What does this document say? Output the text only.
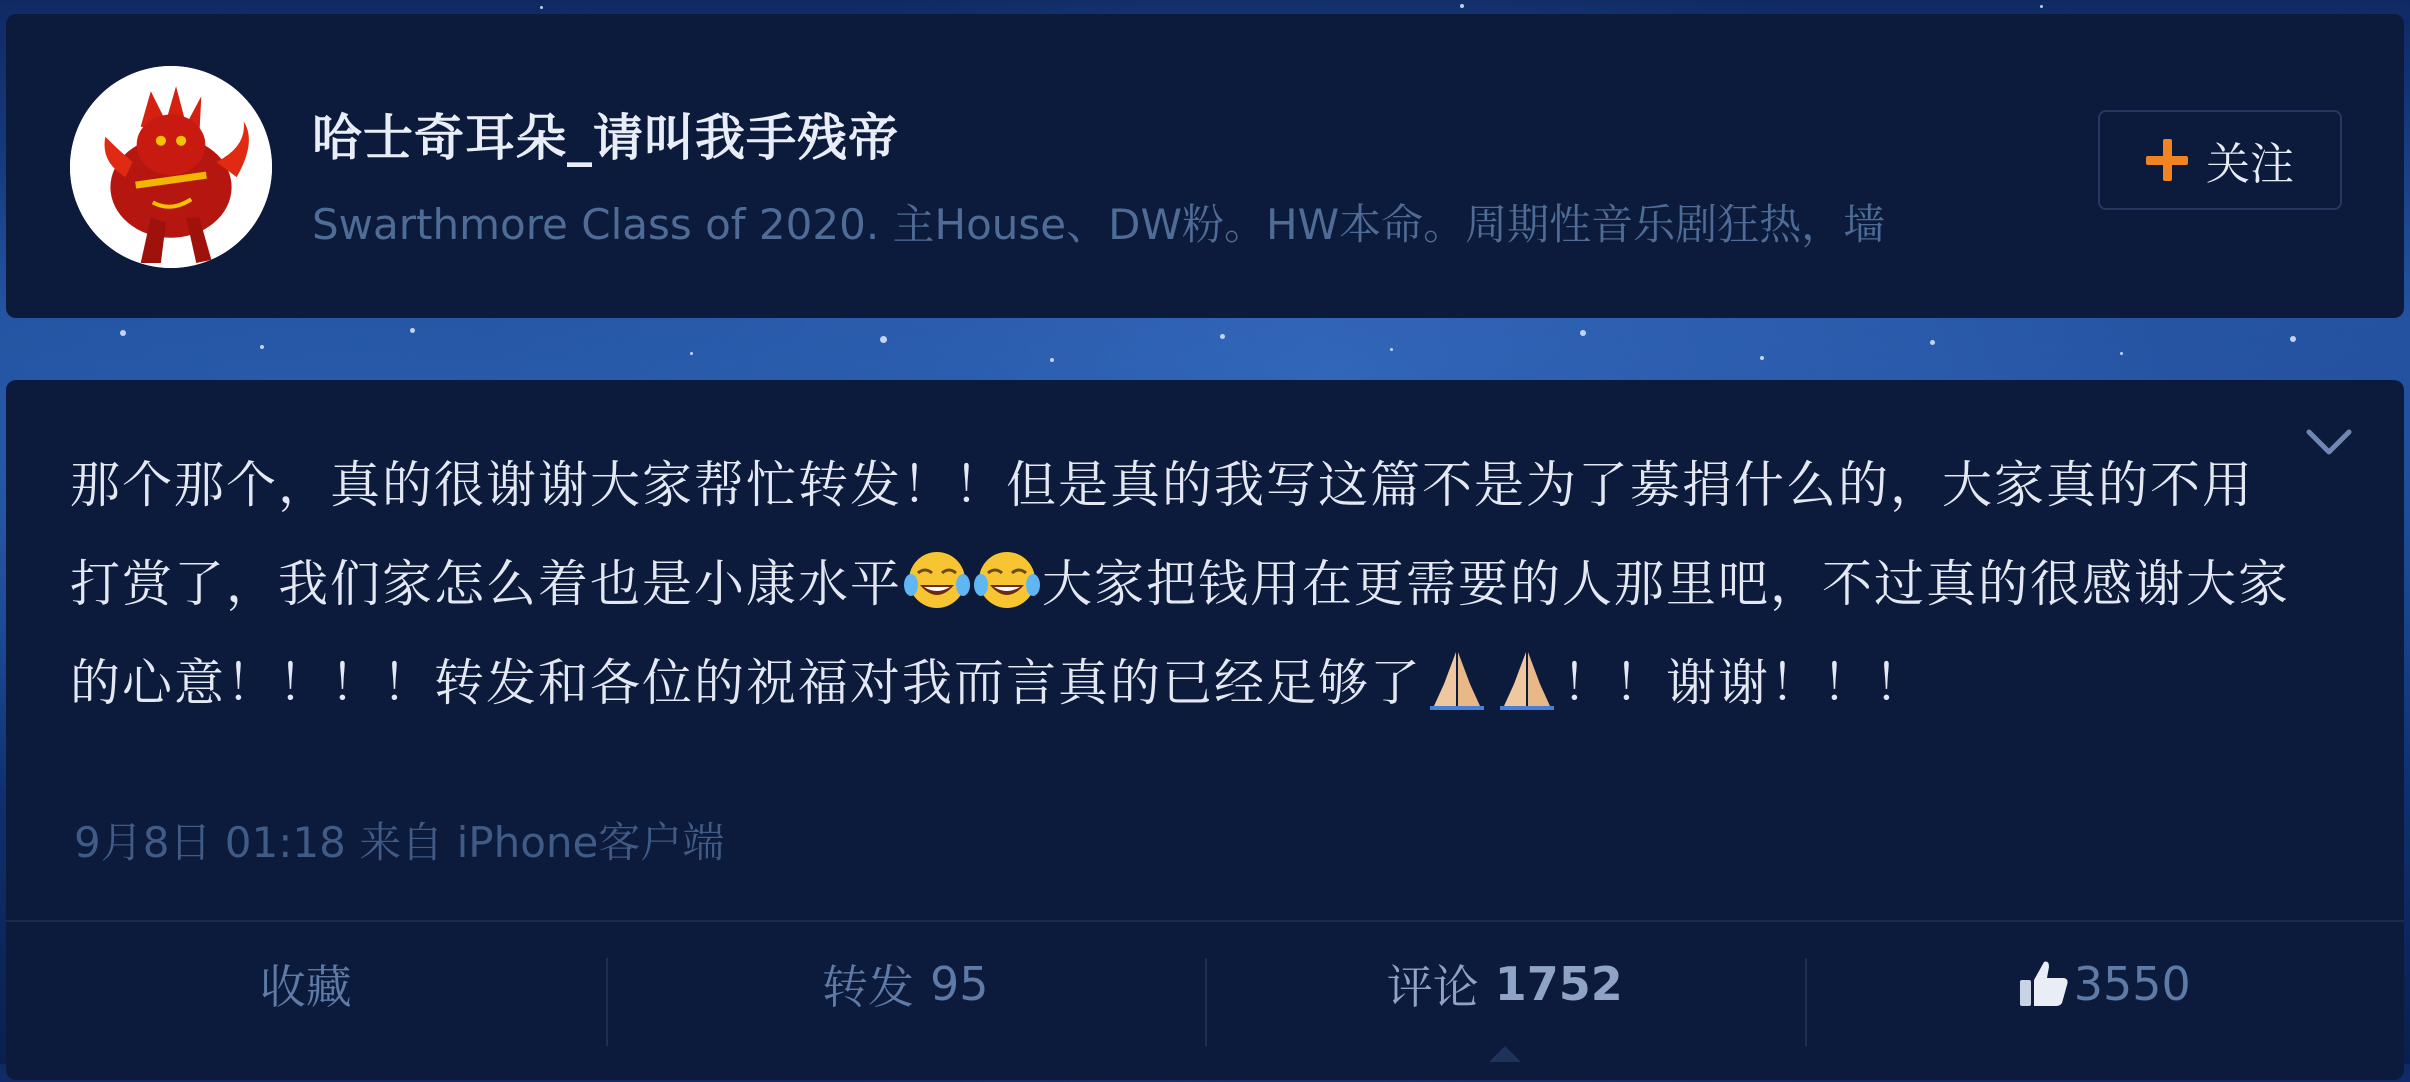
哈士奇耳朵_请叫我手残帝
Swarthmore Class of 2020. 主House、DW粉。HW本命。周期性音乐剧狂热，墙
关注
那个那个，真的很谢谢大家帮忙转发！！但是真的我写这篇不是为了募捐什么的，大家真的不用打赏了，我们家怎么着也是小康水平	大家把钱用在更需要的人那里吧，不过真的很感谢大家的心意！！！！转发和各位的祝福对我而言真的已经足够了	！！谢谢！！！
9月8日 01:18 来自 iPhone客户端
收藏	转发 95	评论 1752	3550
